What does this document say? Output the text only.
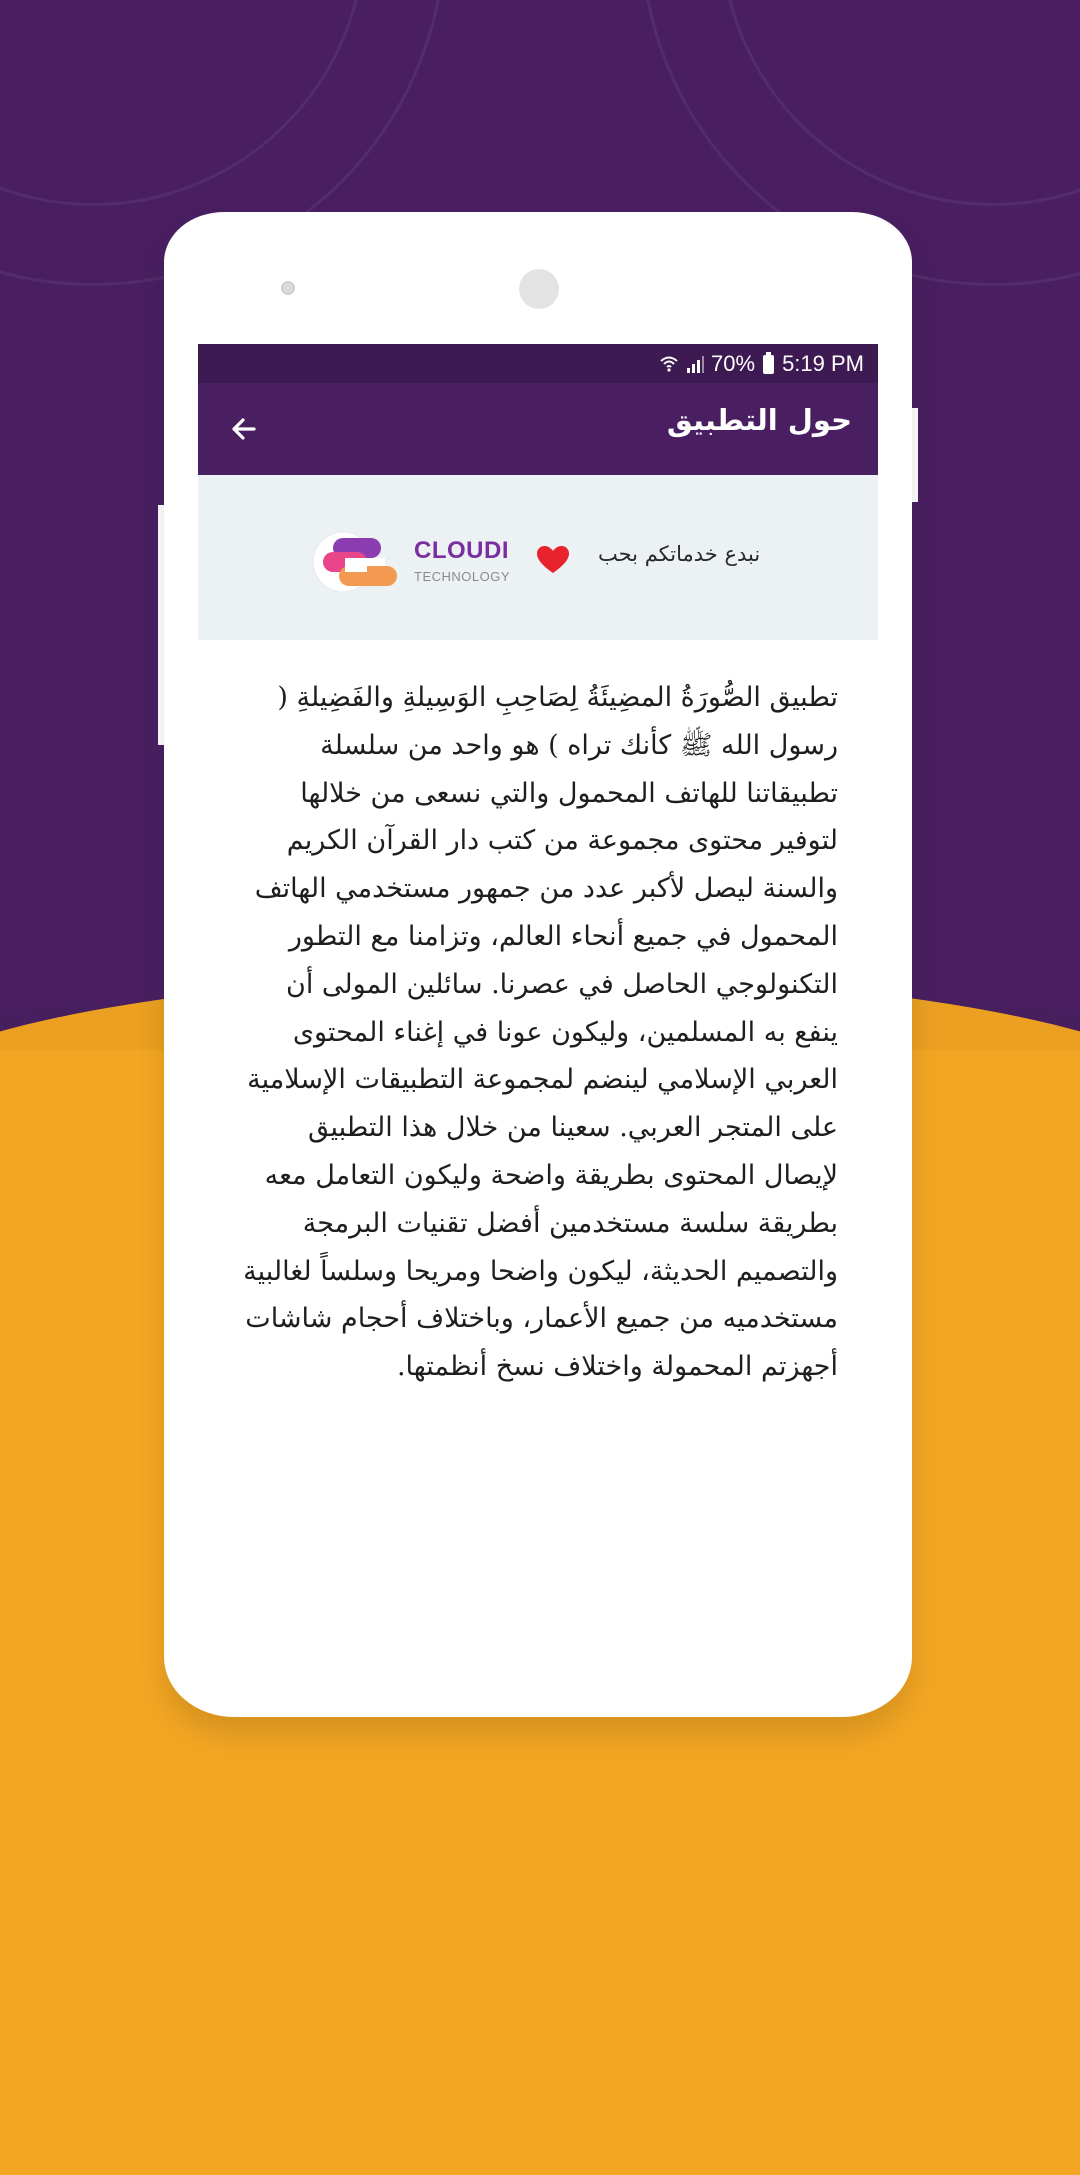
70% 5:19 PM
حول التطبيق
نبدع خدماتكم بحب
CLOUDI
TECHNOLOGY

تطبيق الصُّورَةُ المضِيئَةُ لِصَاحِبِ الوَسِيلةِ والفَضِيلةِ ( رسول الله ﷺ كأنك تراه ) هو واحد من سلسلة تطبيقاتنا للهاتف المحمول والتي نسعى من خلالها لتوفير محتوى مجموعة من كتب دار القرآن الكريم والسنة ليصل لأكبر عدد من جمهور مستخدمي الهاتف المحمول في جميع أنحاء العالم، وتزامنا مع التطور التكنولوجي الحاصل في عصرنا. سائلين المولى أن ينفع به المسلمين، وليكون عونا في إغناء المحتوى العربي الإسلامي لينضم لمجموعة التطبيقات الإسلامية على المتجر العربي. سعينا من خلال هذا التطبيق لإيصال المحتوى بطريقة واضحة وليكون التعامل معه بطريقة سلسة مستخدمين أفضل تقنيات البرمجة والتصميم الحديثة، ليكون واضحا ومريحا وسلساً لغالبية مستخدميه من جميع الأعمار، وباختلاف أحجام شاشات أجهزتم المحمولة واختلاف نسخ أنظمتها.
